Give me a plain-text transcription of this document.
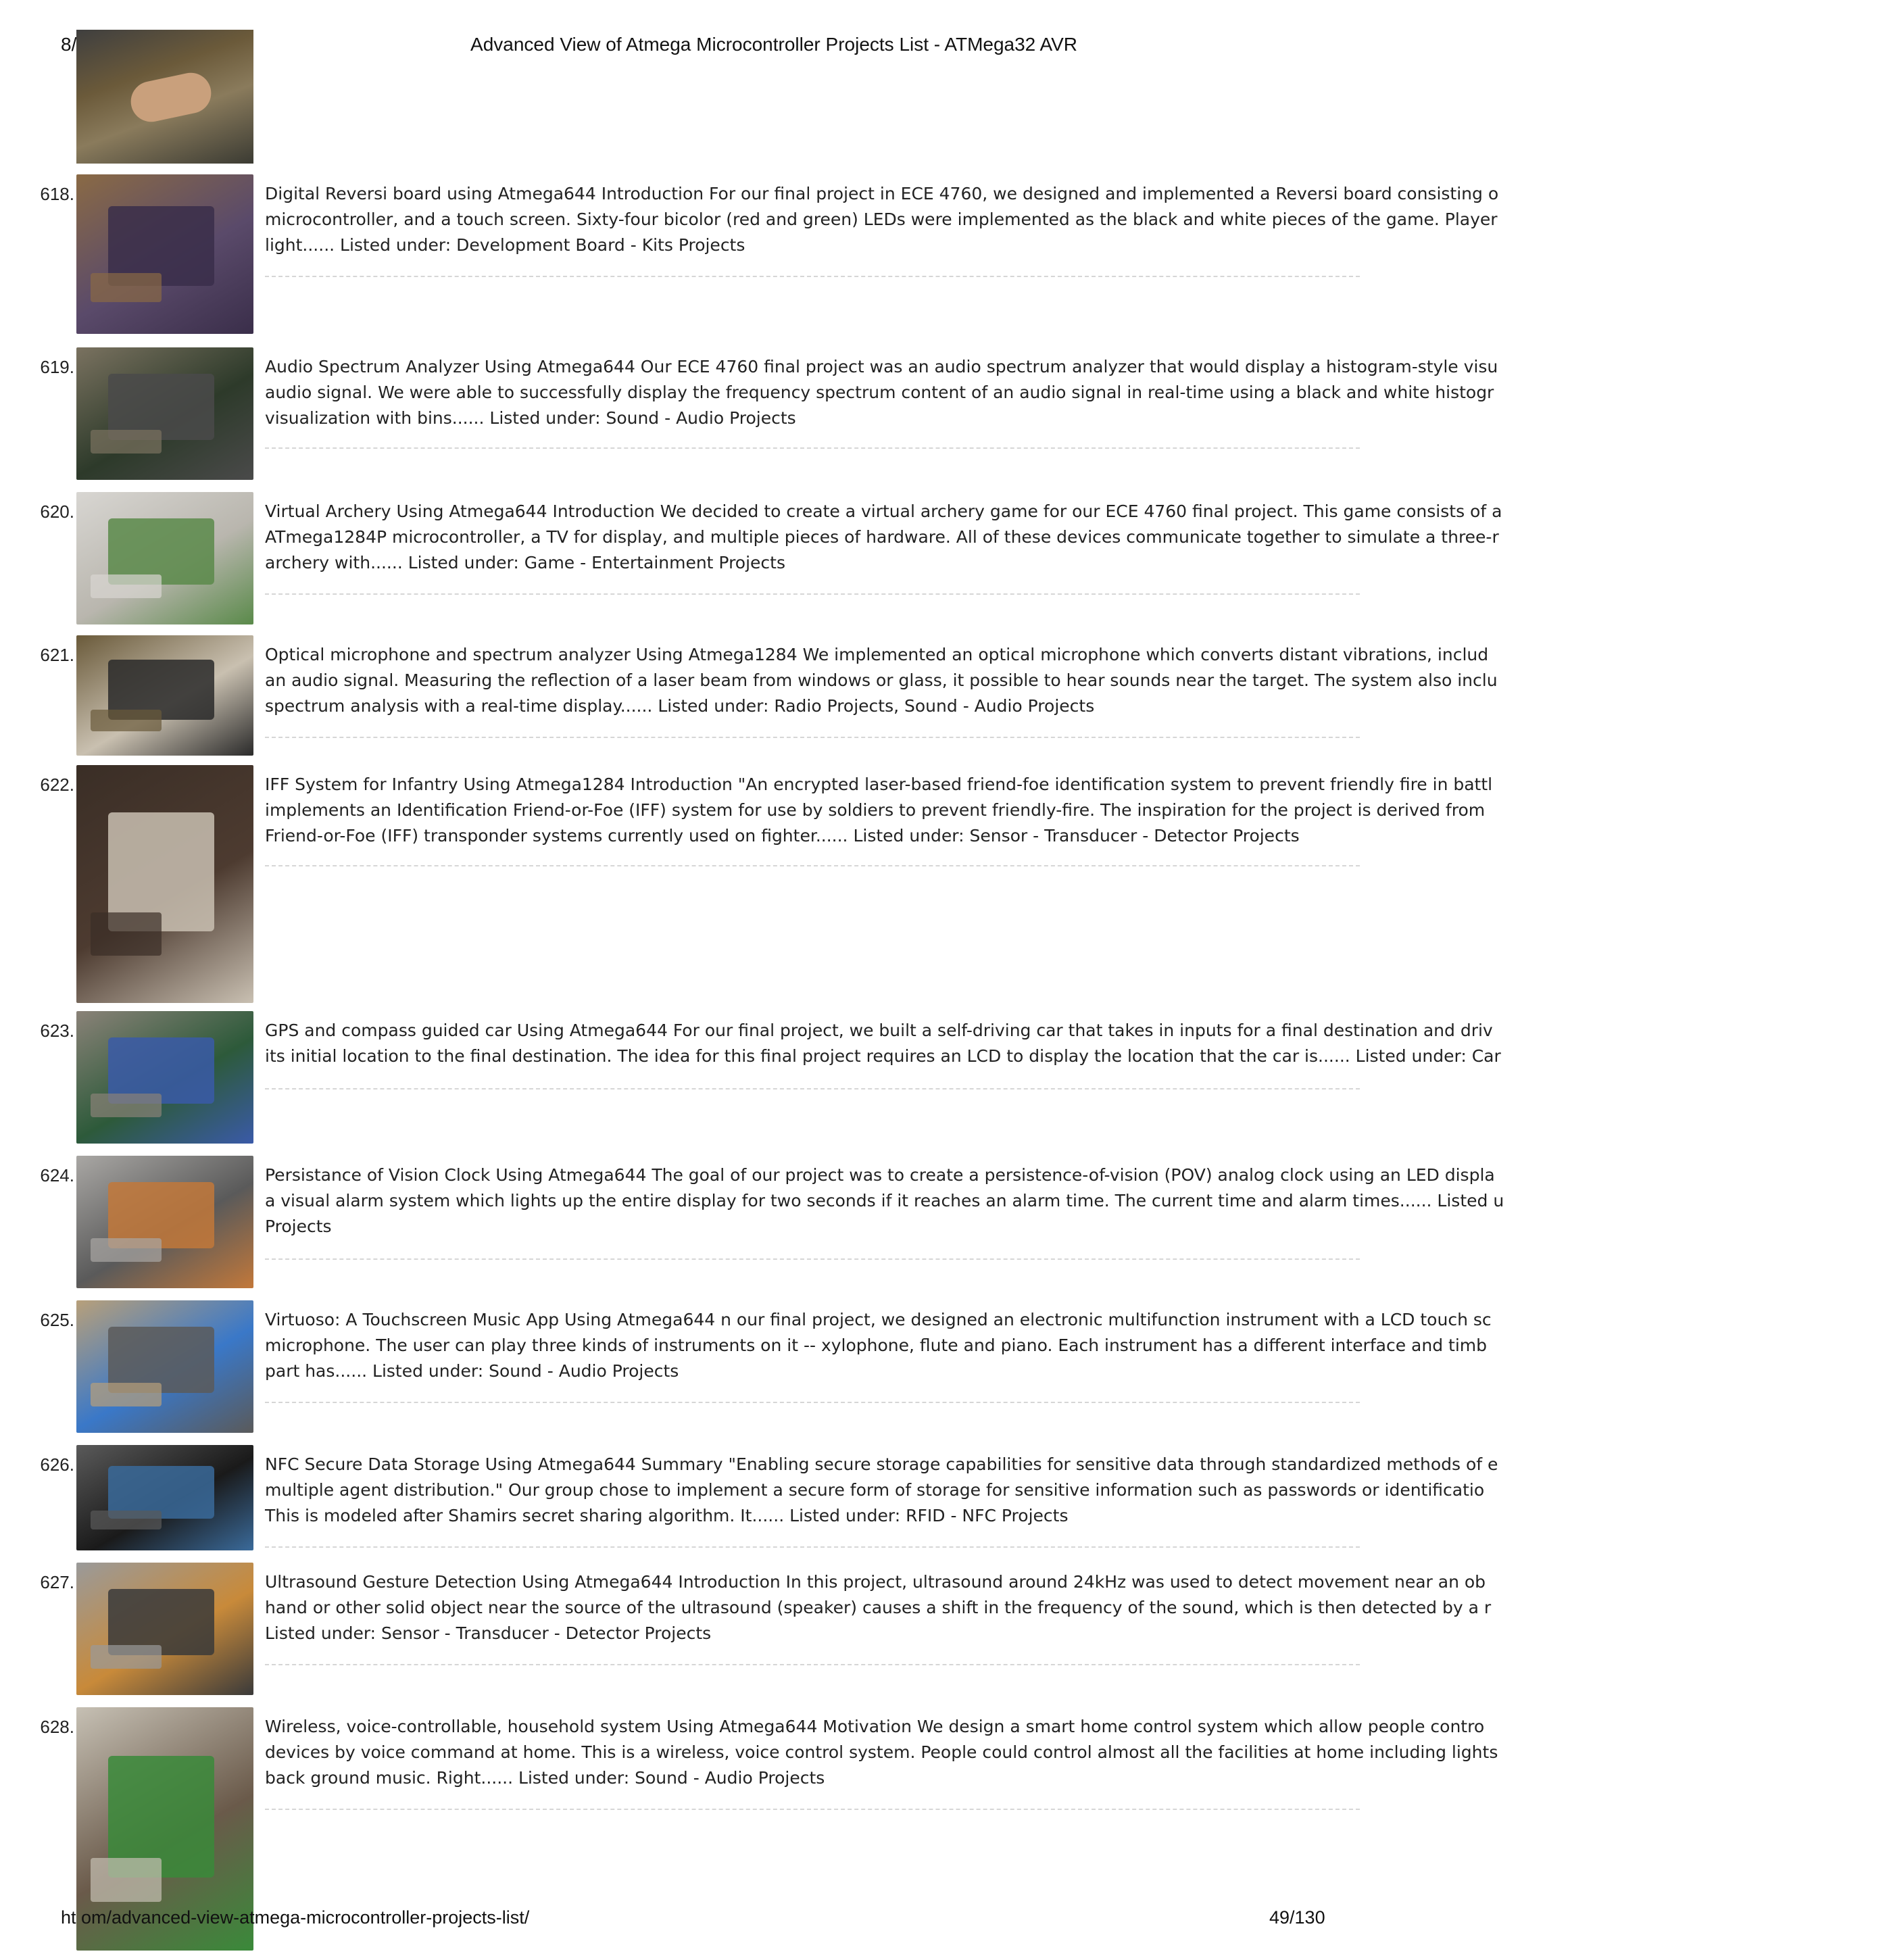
8/	Advanced View of Atmega Microcontroller Projects List - ATMega32 AVR
618.	Digital Reversi board using Atmega644 Introduction For our final project in ECE 4760, we designed and implemented a Reversi board consisting o
microcontroller, and a touch screen. Sixty-four bicolor (red and green) LEDs were implemented as the black and white pieces of the game. Player
light...... Listed under: Development Board - Kits Projects
619.	Audio Spectrum Analyzer Using Atmega644 Our ECE 4760 final project was an audio spectrum analyzer that would display a histogram-style visu
audio signal. We were able to successfully display the frequency spectrum content of an audio signal in real-time using a black and white histogr
visualization with bins...... Listed under: Sound - Audio Projects
620.	Virtual Archery Using Atmega644 Introduction We decided to create a virtual archery game for our ECE 4760 final project. This game consists of a
ATmega1284P microcontroller, a TV for display, and multiple pieces of hardware. All of these devices communicate together to simulate a three-r
archery with...... Listed under: Game - Entertainment Projects
621.	Optical microphone and spectrum analyzer Using Atmega1284 We implemented an optical microphone which converts distant vibrations, includ
an audio signal. Measuring the reflection of a laser beam from windows or glass, it possible to hear sounds near the target. The system also inclu
spectrum analysis with a real-time display...... Listed under: Radio Projects, Sound - Audio Projects
622.	IFF System for Infantry Using Atmega1284 Introduction "An encrypted laser-based friend-foe identification system to prevent friendly fire in battl
implements an Identification Friend-or-Foe (IFF) system for use by soldiers to prevent friendly-fire. The inspiration for the project is derived from
Friend-or-Foe (IFF) transponder systems currently used on fighter...... Listed under: Sensor - Transducer - Detector Projects
623.	GPS and compass guided car Using Atmega644 For our final project, we built a self-driving car that takes in inputs for a final destination and driv
its initial location to the final destination. The idea for this final project requires an LCD to display the location that the car is...... Listed under: Car
624.	Persistance of Vision Clock Using Atmega644 The goal of our project was to create a persistence-of-vision (POV) analog clock using an LED displa
a visual alarm system which lights up the entire display for two seconds if it reaches an alarm time. The current time and alarm times...... Listed u
Projects
625.	Virtuoso: A Touchscreen Music App Using Atmega644 n our final project, we designed an electronic multifunction instrument with a LCD touch sc
microphone. The user can play three kinds of instruments on it -- xylophone, flute and piano. Each instrument has a different interface and timb
part has...... Listed under: Sound - Audio Projects
626.	NFC Secure Data Storage Using Atmega644 Summary "Enabling secure storage capabilities for sensitive data through standardized methods of e
multiple agent distribution." Our group chose to implement a secure form of storage for sensitive information such as passwords or identificatio
This is modeled after Shamirs secret sharing algorithm. It...... Listed under: RFID - NFC Projects
627.	Ultrasound Gesture Detection Using Atmega644 Introduction In this project, ultrasound around 24kHz was used to detect movement near an ob
hand or other solid object near the source of the ultrasound (speaker) causes a shift in the frequency of the sound, which is then detected by a r
Listed under: Sensor - Transducer - Detector Projects
628.	Wireless, voice-controllable, household system Using Atmega644 Motivation We design a smart home control system which allow people contro
devices by voice command at home. This is a wireless, voice control system. People could control almost all the facilities at home including lights
back ground music. Right...... Listed under: Sound - Audio Projects
ht om/advanced-view-atmega-microcontroller-projects-list/	49/130
